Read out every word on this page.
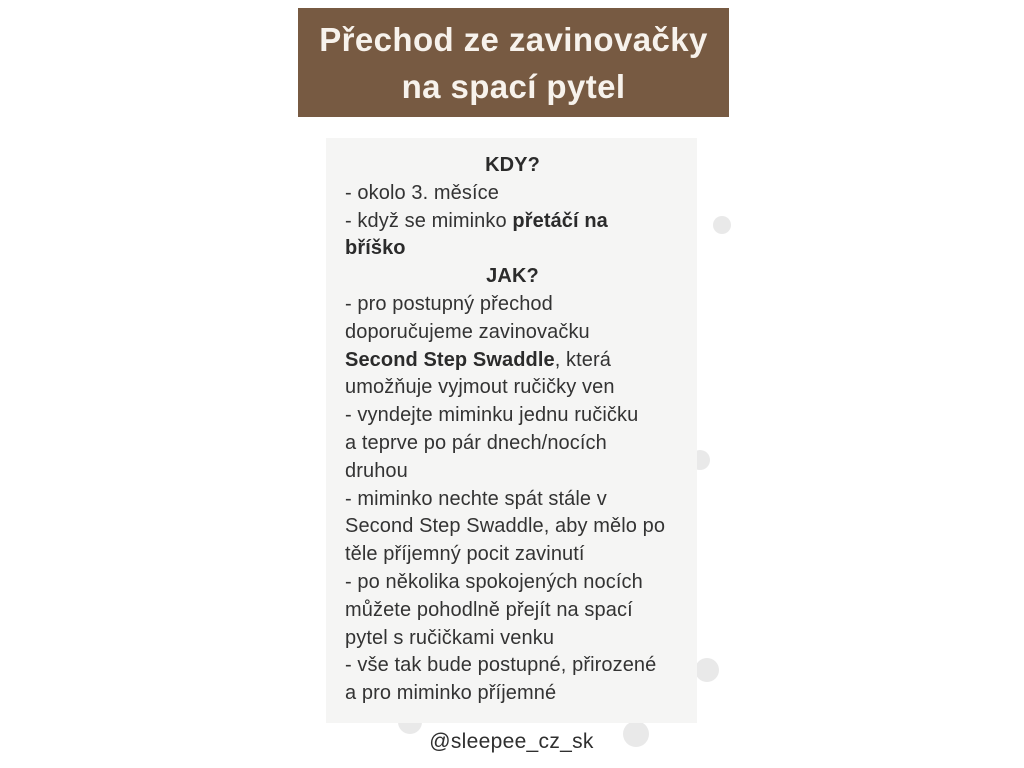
Přechod ze zavinovačky
na spací pytel
KDY?
- okolo 3. měsíce
- když se miminko přetáčí na
bříško
JAK?
- pro postupný přechod
doporučujeme zavinovačku
Second Step Swaddle, která
umožňuje vyjmout ručičky ven
- vyndejte miminku jednu ručičku
a teprve po pár dnech/nocích
druhou
- miminko nechte spát stále v
Second Step Swaddle, aby mělo po
těle příjemný pocit zavinutí
- po několika spokojených nocích
můžete pohodlně přejít na spací
pytel s ručičkami venku
- vše tak bude postupné, přirozené
a pro miminko příjemné
@sleepee_cz_sk
